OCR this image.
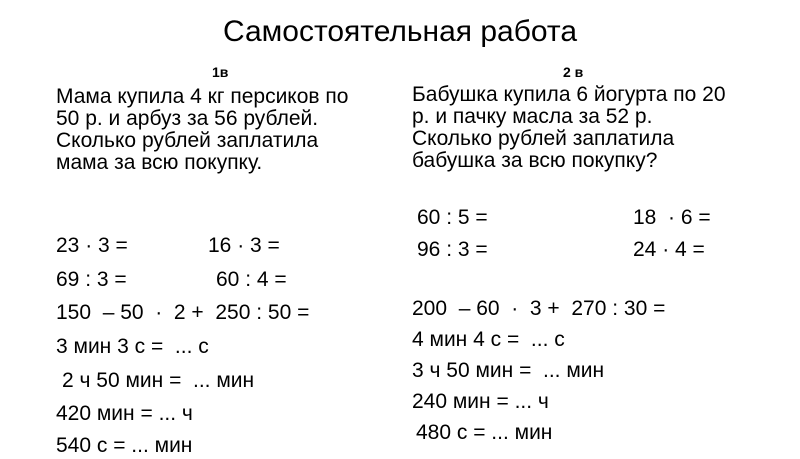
Самостоятельная работа
1в	2 в

Мама купила 4 кг персиков по 50 р. и арбуз за 56 рублей. Сколько рублей заплатила мама за всю покупку.

23 · 3 =	16 · 3 =
69 : 3 =	60 : 4 =
150  – 50  ·  2 +  250 : 50 =
3 мин 3 с =  ... с
2 ч 50 мин =  ... мин
420 мин = ... ч
540 с = ... мин

Бабушка купила 6 йогурта по 20 р. и пачку масла за 52 р. Сколько рублей заплатила бабушка за всю покупку?

60 : 5 =	18  · 6 =
96 : 3 =	24 · 4 =
200  – 60  ·  3 +  270 : 30 =
4 мин 4 с =  ... с
3 ч 50 мин =  ... мин
240 мин = ... ч
480 с = ... мин
